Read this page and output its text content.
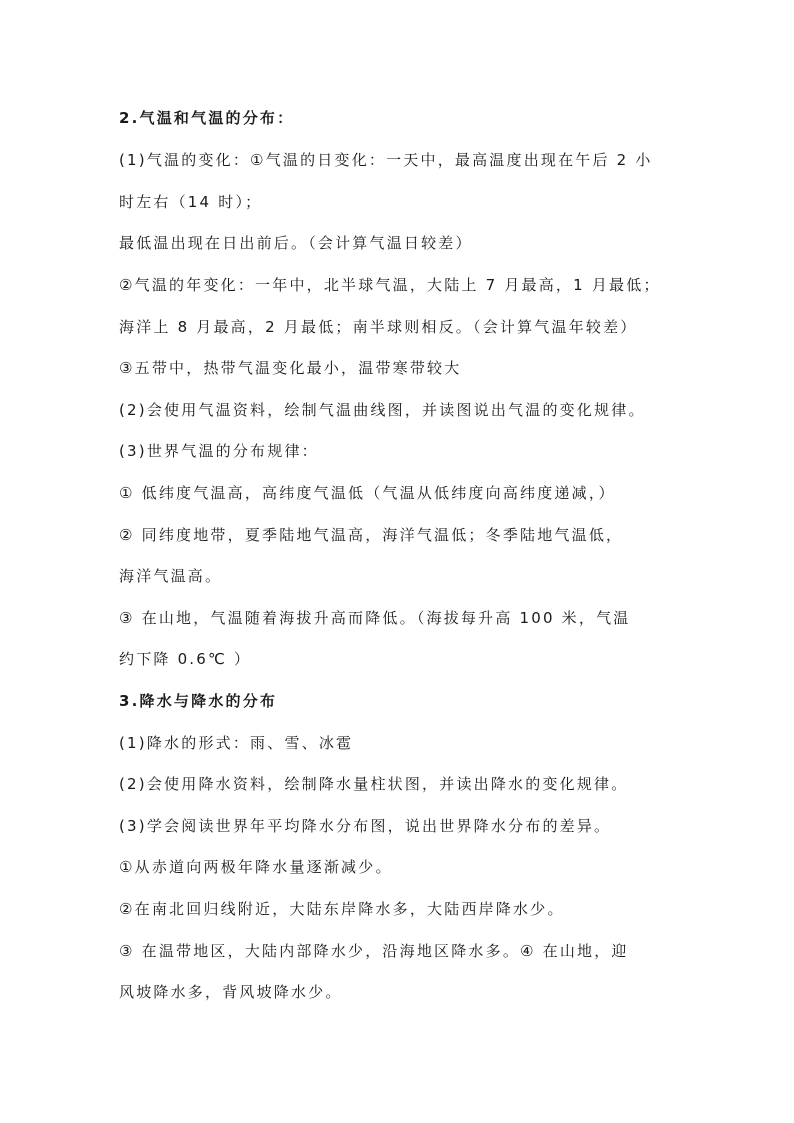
2.气温和气温的分布：
(1)气温的变化：①气温的日变化：一天中，最高温度出现在午后 2 小
时左右（14 时）；
最低温出现在日出前后。（会计算气温日较差）
②气温的年变化：一年中，北半球气温，大陆上 7 月最高，1 月最低；
海洋上 8 月最高，2 月最低；南半球则相反。（会计算气温年较差）
③五带中，热带气温变化最小，温带寒带较大
(2)会使用气温资料，绘制气温曲线图，并读图说出气温的变化规律。
(3)世界气温的分布规律：
① 低纬度气温高，高纬度气温低（气温从低纬度向高纬度递减，）
② 同纬度地带，夏季陆地气温高，海洋气温低；冬季陆地气温低，
海洋气温高。
③ 在山地，气温随着海拔升高而降低。（海拔每升高 100 米，气温
约下降 0.6℃ ）
3.降水与降水的分布
(1)降水的形式：雨、雪、冰雹
(2)会使用降水资料，绘制降水量柱状图，并读出降水的变化规律。
(3)学会阅读世界年平均降水分布图，说出世界降水分布的差异。
①从赤道向两极年降水量逐渐减少。
②在南北回归线附近，大陆东岸降水多，大陆西岸降水少。
③ 在温带地区，大陆内部降水少，沿海地区降水多。④ 在山地，迎
风坡降水多，背风坡降水少。
